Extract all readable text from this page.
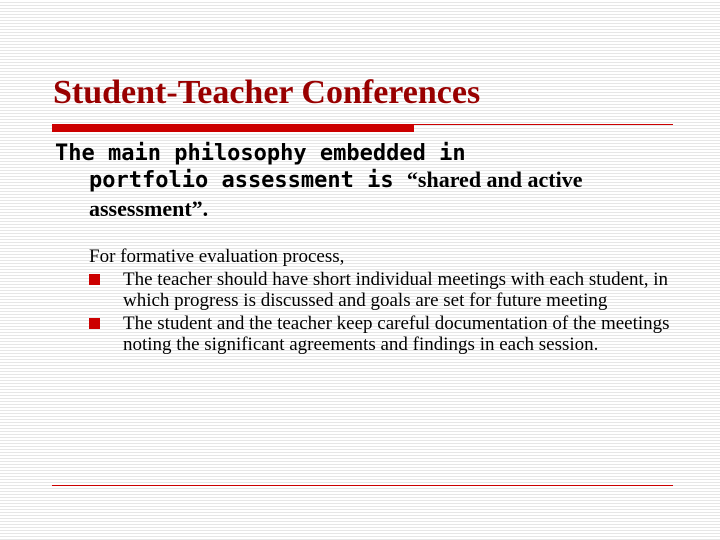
Student-Teacher Conferences
The main philosophy embedded in
portfolio assessment is “shared and active
assessment”.
For formative evaluation process,
The teacher should have short individual meetings with each student, in which progress is discussed and goals are set for future meeting
The student and the teacher keep careful documentation of the meetings noting the significant agreements and findings in each session.
